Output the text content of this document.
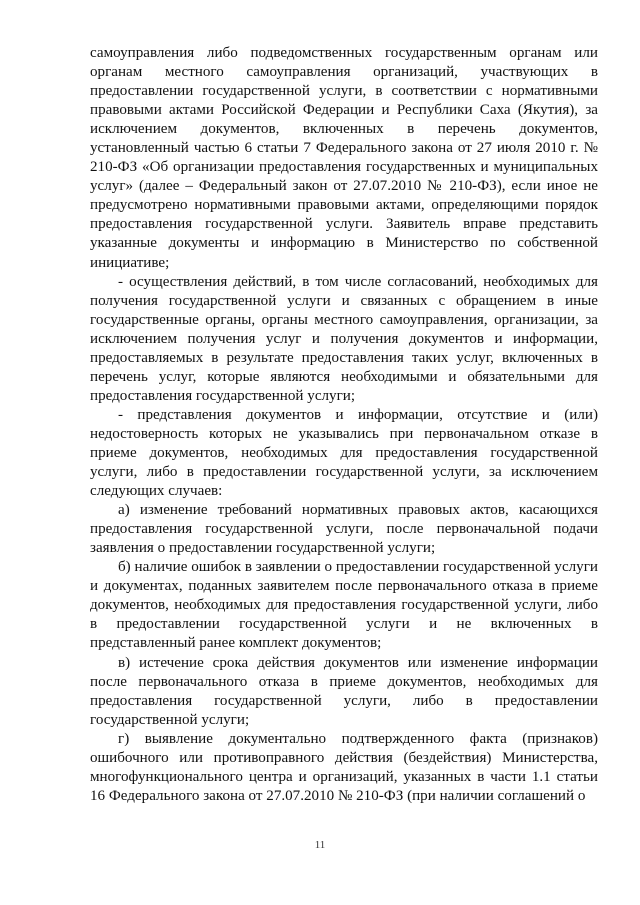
самоуправления либо подведомственных государственным органам или органам местного самоуправления организаций, участвующих в предоставлении государственной услуги, в соответствии с нормативными правовыми актами Российской Федерации и Республики Саха (Якутия), за исключением документов, включенных в перечень документов, установленный частью 6 статьи 7 Федерального закона от 27 июля 2010 г. № 210-ФЗ «Об организации предоставления государственных и муниципальных услуг» (далее – Федеральный закон от 27.07.2010 № 210-ФЗ), если иное не предусмотрено нормативными правовыми актами, определяющими порядок предоставления государственной услуги. Заявитель вправе представить указанные документы и информацию в Министерство по собственной инициативе;

- осуществления действий, в том числе согласований, необходимых для получения государственной услуги и связанных с обращением в иные государственные органы, органы местного самоуправления, организации, за исключением получения услуг и получения документов и информации, предоставляемых в результате предоставления таких услуг, включенных в перечень услуг, которые являются необходимыми и обязательными для предоставления государственной услуги;

- представления документов и информации, отсутствие и (или) недостоверность которых не указывались при первоначальном отказе в приеме документов, необходимых для предоставления государственной услуги, либо в предоставлении государственной услуги, за исключением следующих случаев:

а) изменение требований нормативных правовых актов, касающихся предоставления государственной услуги, после первоначальной подачи заявления о предоставлении государственной услуги;

б) наличие ошибок в заявлении о предоставлении государственной услуги и документах, поданных заявителем после первоначального отказа в приеме документов, необходимых для предоставления государственной услуги, либо в предоставлении государственной услуги и не включенных в представленный ранее комплект документов;

в) истечение срока действия документов или изменение информации после первоначального отказа в приеме документов, необходимых для предоставления государственной услуги, либо в предоставлении государственной услуги;

г) выявление документально подтвержденного факта (признаков) ошибочного или противоправного действия (бездействия) Министерства, многофункционального центра и организаций, указанных в части 1.1 статьи 16 Федерального закона от 27.07.2010 № 210-ФЗ (при наличии соглашений о

11
